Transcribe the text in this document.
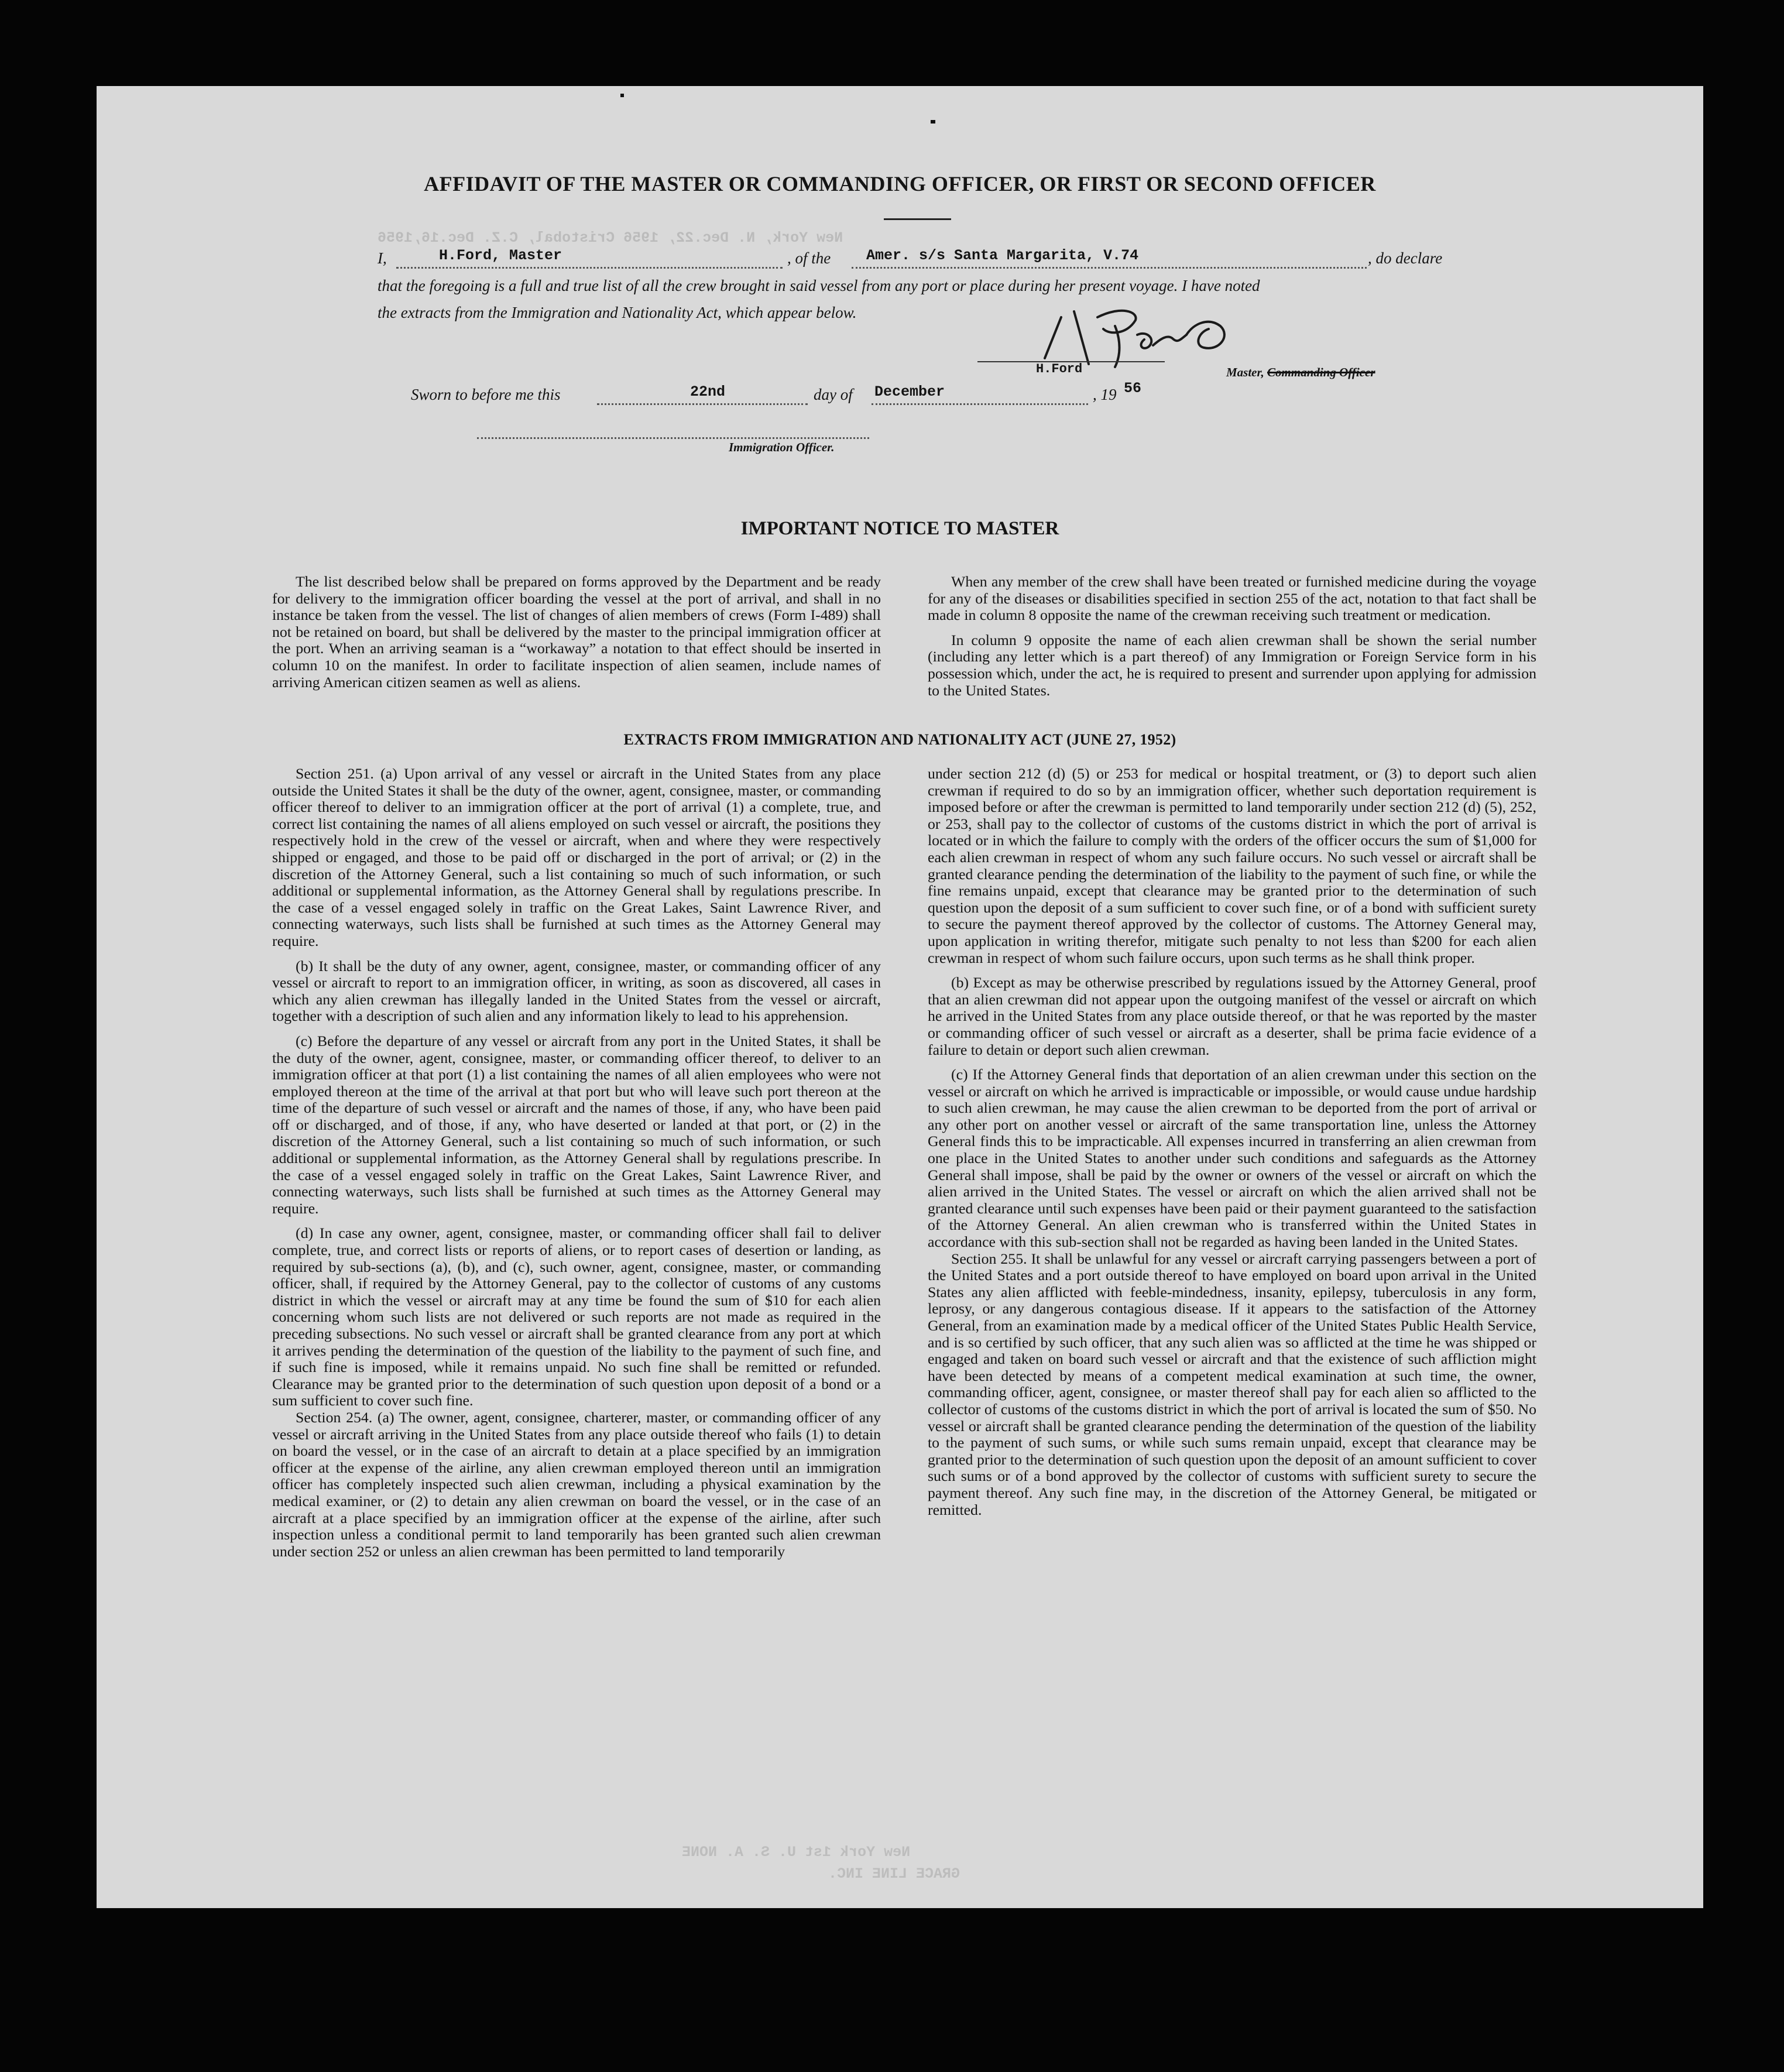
New York, N. Dec.22, 1956 Cristobal, C.Z. Dec.16,1956
New York 1st U. S. A. NONE
GRACE LINE INC.
AFFIDAVIT OF THE MASTER OR COMMANDING OFFICER, OR FIRST OR SECOND OFFICER
I,	H.Ford, Master	, of the Amer. s/s Santa Margarita, V.74	, do declare
that the foregoing is a full and true list of all the crew brought in said vessel from any port or place during her present voyage. I have noted
the extracts from the Immigration and Nationality Act, which appear below.
H.Ford	Master, Commanding Officer
Sworn to before me this	22nd	day of December	, 19 56
Immigration Officer.
IMPORTANT NOTICE TO MASTER

The list described below shall be prepared on forms approved by the Department and be ready for delivery to the immigration officer boarding the vessel at the port of arrival, and shall in no instance be taken from the vessel. The list of changes of alien members of crews (Form I-489) shall not be retained on board, but shall be delivered by the master to the principal immigration officer at the port. When an arriving seaman is a “workaway” a notation to that effect should be inserted in column 10 on the manifest. In order to facilitate inspection of alien seamen, include names of arriving American citizen seamen as well as aliens.

When any member of the crew shall have been treated or furnished medicine during the voyage for any of the diseases or disabilities specified in section 255 of the act, notation to that fact shall be made in column 8 opposite the name of the crewman receiving such treatment or medication.

In column 9 opposite the name of each alien crewman shall be shown the serial number (including any letter which is a part thereof) of any Immigration or Foreign Service form in his possession which, under the act, he is required to present and surrender upon applying for admission to the United States.

EXTRACTS FROM IMMIGRATION AND NATIONALITY ACT (JUNE 27, 1952)

Section 251. (a) Upon arrival of any vessel or aircraft in the United States from any place outside the United States it shall be the duty of the owner, agent, consignee, master, or commanding officer thereof to deliver to an immigration officer at the port of arrival (1) a complete, true, and correct list containing the names of all aliens employed on such vessel or aircraft, the positions they respectively hold in the crew of the vessel or aircraft, when and where they were respectively shipped or engaged, and those to be paid off or discharged in the port of arrival; or (2) in the discretion of the Attorney General, such a list containing so much of such information, or such additional or supplemental information, as the Attorney General shall by regulations prescribe. In the case of a vessel engaged solely in traffic on the Great Lakes, Saint Lawrence River, and connecting waterways, such lists shall be furnished at such times as the Attorney General may require.

(b) It shall be the duty of any owner, agent, consignee, master, or commanding officer of any vessel or aircraft to report to an immigration officer, in writing, as soon as discovered, all cases in which any alien crewman has illegally landed in the United States from the vessel or aircraft, together with a description of such alien and any information likely to lead to his apprehension.

(c) Before the departure of any vessel or aircraft from any port in the United States, it shall be the duty of the owner, agent, consignee, master, or commanding officer thereof, to deliver to an immigration officer at that port (1) a list containing the names of all alien employees who were not employed thereon at the time of the arrival at that port but who will leave such port thereon at the time of the departure of such vessel or aircraft and the names of those, if any, who have been paid off or discharged, and of those, if any, who have deserted or landed at that port, or (2) in the discretion of the Attorney General, such a list containing so much of such information, or such additional or supplemental information, as the Attorney General shall by regulations prescribe. In the case of a vessel engaged solely in traffic on the Great Lakes, Saint Lawrence River, and connecting waterways, such lists shall be furnished at such times as the Attorney General may require.

(d) In case any owner, agent, consignee, master, or commanding officer shall fail to deliver complete, true, and correct lists or reports of aliens, or to report cases of desertion or landing, as required by sub-sections (a), (b), and (c), such owner, agent, consignee, master, or commanding officer, shall, if required by the Attorney General, pay to the collector of customs of any customs district in which the vessel or aircraft may at any time be found the sum of $10 for each alien concerning whom such lists are not delivered or such reports are not made as required in the preceding subsections. No such vessel or aircraft shall be granted clearance from any port at which it arrives pending the determination of the question of the liability to the payment of such fine, and if such fine is imposed, while it remains unpaid. No such fine shall be remitted or refunded. Clearance may be granted prior to the determination of such question upon deposit of a bond or a sum sufficient to cover such fine.

Section 254. (a) The owner, agent, consignee, charterer, master, or commanding officer of any vessel or aircraft arriving in the United States from any place outside thereof who fails (1) to detain on board the vessel, or in the case of an aircraft to detain at a place specified by an immigration officer at the expense of the airline, any alien crewman employed thereon until an immigration officer has completely inspected such alien crewman, including a physical examination by the medical examiner, or (2) to detain any alien crewman on board the vessel, or in the case of an aircraft at a place specified by an immigration officer at the expense of the airline, after such inspection unless a conditional permit to land temporarily has been granted such alien crewman under section 252 or unless an alien crewman has been permitted to land temporarily

under section 212 (d) (5) or 253 for medical or hospital treatment, or (3) to deport such alien crewman if required to do so by an immigration officer, whether such deportation requirement is imposed before or after the crewman is permitted to land temporarily under section 212 (d) (5), 252, or 253, shall pay to the collector of customs of the customs district in which the port of arrival is located or in which the failure to comply with the orders of the officer occurs the sum of $1,000 for each alien crewman in respect of whom any such failure occurs. No such vessel or aircraft shall be granted clearance pending the determination of the liability to the payment of such fine, or while the fine remains unpaid, except that clearance may be granted prior to the determination of such question upon the deposit of a sum sufficient to cover such fine, or of a bond with sufficient surety to secure the payment thereof approved by the collector of customs. The Attorney General may, upon application in writing therefor, mitigate such penalty to not less than $200 for each alien crewman in respect of whom such failure occurs, upon such terms as he shall think proper.

(b) Except as may be otherwise prescribed by regulations issued by the Attorney General, proof that an alien crewman did not appear upon the outgoing manifest of the vessel or aircraft on which he arrived in the United States from any place outside thereof, or that he was reported by the master or commanding officer of such vessel or aircraft as a deserter, shall be prima facie evidence of a failure to detain or deport such alien crewman.

(c) If the Attorney General finds that deportation of an alien crewman under this section on the vessel or aircraft on which he arrived is impracticable or impossible, or would cause undue hardship to such alien crewman, he may cause the alien crewman to be deported from the port of arrival or any other port on another vessel or aircraft of the same transportation line, unless the Attorney General finds this to be impracticable. All expenses incurred in transferring an alien crewman from one place in the United States to another under such conditions and safeguards as the Attorney General shall impose, shall be paid by the owner or owners of the vessel or aircraft on which the alien arrived in the United States. The vessel or aircraft on which the alien arrived shall not be granted clearance until such expenses have been paid or their payment guaranteed to the satisfaction of the Attorney General. An alien crewman who is transferred within the United States in accordance with this sub-section shall not be regarded as having been landed in the United States.

Section 255. It shall be unlawful for any vessel or aircraft carrying passengers between a port of the United States and a port outside thereof to have employed on board upon arrival in the United States any alien afflicted with feeble-mindedness, insanity, epilepsy, tuberculosis in any form, leprosy, or any dangerous contagious disease. If it appears to the satisfaction of the Attorney General, from an examination made by a medical officer of the United States Public Health Service, and is so certified by such officer, that any such alien was so afflicted at the time he was shipped or engaged and taken on board such vessel or aircraft and that the existence of such affliction might have been detected by means of a competent medical examination at such time, the owner, commanding officer, agent, consignee, or master thereof shall pay for each alien so afflicted to the collector of customs of the customs district in which the port of arrival is located the sum of $50. No vessel or aircraft shall be granted clearance pending the determination of the question of the liability to the payment of such sums, or while such sums remain unpaid, except that clearance may be granted prior to the determination of such question upon the deposit of an amount sufficient to cover such sums or of a bond approved by the collector of customs with sufficient surety to secure the payment thereof. Any such fine may, in the discretion of the Attorney General, be mitigated or remitted.
